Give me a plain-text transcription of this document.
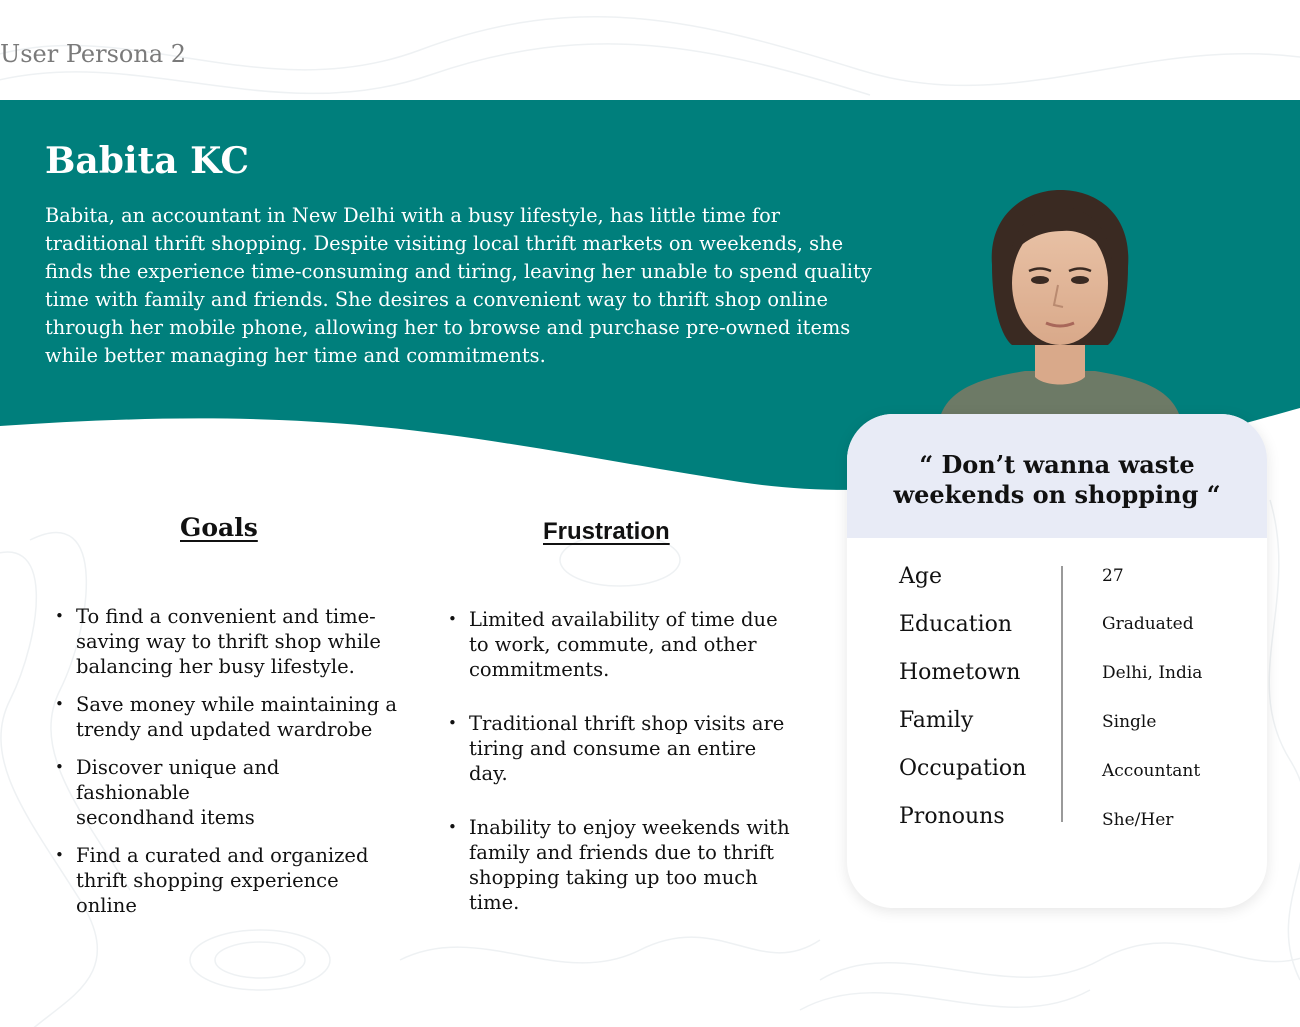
User Persona 2
Babita KC

Babita, an accountant in New Delhi with a busy lifestyle, has little time for traditional thrift shopping. Despite visiting local thrift markets on weekends, she finds the experience time-consuming and tiring, leaving her unable to spend quality time with family and friends. She desires a convenient way to thrift shop online through her mobile phone, allowing her to browse and purchase pre-owned items while better managing her time and commitments.

Goals
• To find a convenient and time-saving way to thrift shop while balancing her busy lifestyle.
• Save money while maintaining a trendy and updated wardrobe
• Discover unique and fashionable secondhand items
• Find a curated and organized thrift shopping experience online
Frustration
• Limited availability of time due to work, commute, and other commitments.
• Traditional thrift shop visits are tiring and consume an entire day.
• Inability to enjoy weekends with family and friends due to thrift shopping taking up too much time.

“ Don’t wanna waste
weekends on shopping “

Age	27
Education	Graduated
Hometown	Delhi, India
Family	Single
Occupation	Accountant
Pronouns	She/Her
